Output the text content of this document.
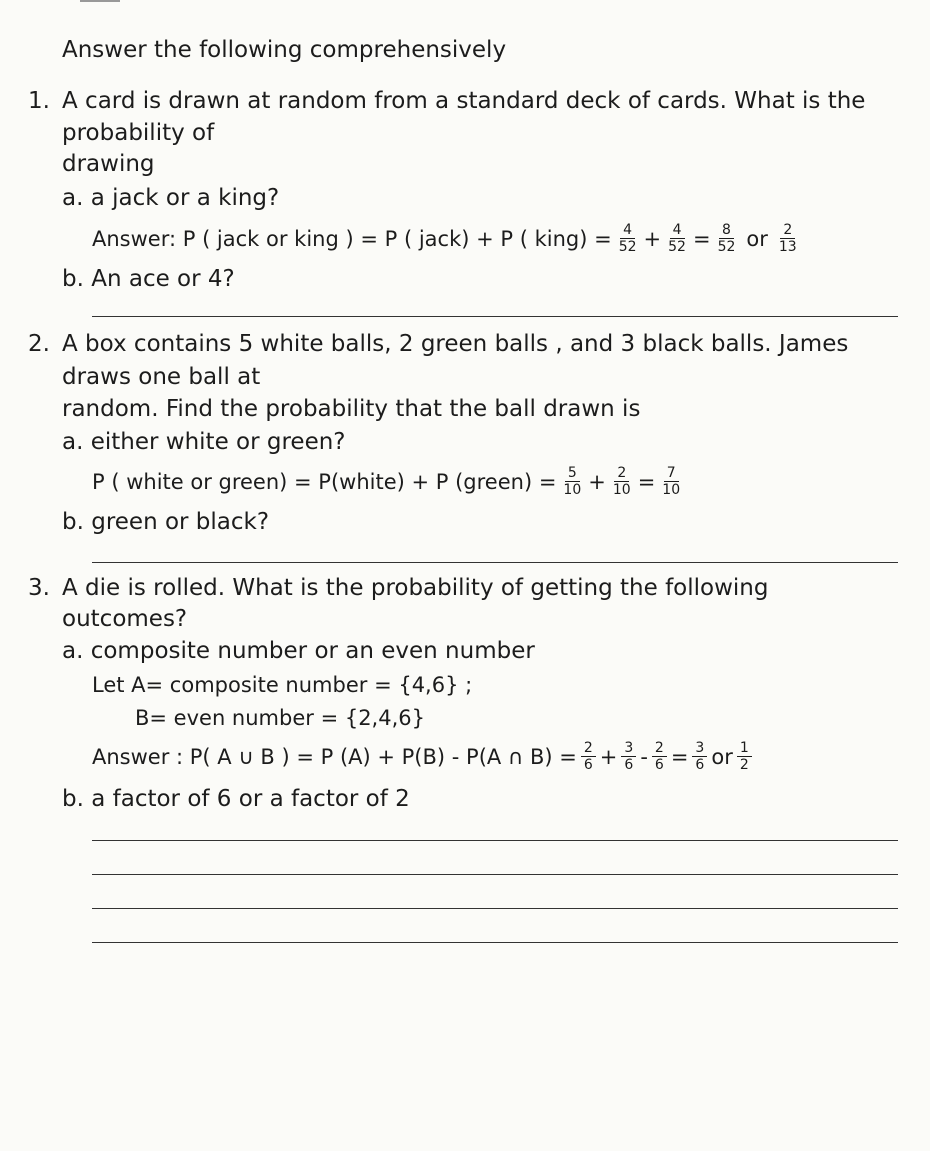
Answer the following comprehensively
1. A card is drawn at random from a standard deck of cards. What is the
probability of
drawing
a. a jack or a king?
Answer: P ( jack or king ) = P ( jack) + P ( king) = $\frac{4}{52} + \frac{4}{52} = \frac{8}{52}$ or $\frac{2}{13}$
b. An ace or 4?
2. A box contains 5 white balls, 2 green balls , and 3 black balls. James
draws one ball at
random. Find the probability that the ball drawn is
a. either white or green?
P ( white or green) = P(white) + P (green) = $\frac{5}{10} + \frac{2}{10} = \frac{7}{10}$
b. green or black?
3. A die is rolled. What is the probability of getting the following
outcomes?
a. composite number or an even number
Let A= composite number = {4,6} ;
B= even number = {2,4,6}
Answer : P( A ∪ B ) = P (A) + P(B) - P(A ∩ $B) = \frac{2}{6} + \frac{3}{6} - \frac{2}{6} = \frac{3}{6}$ or $\frac{1}{2}$
b. a factor of 6 or a factor of 2
